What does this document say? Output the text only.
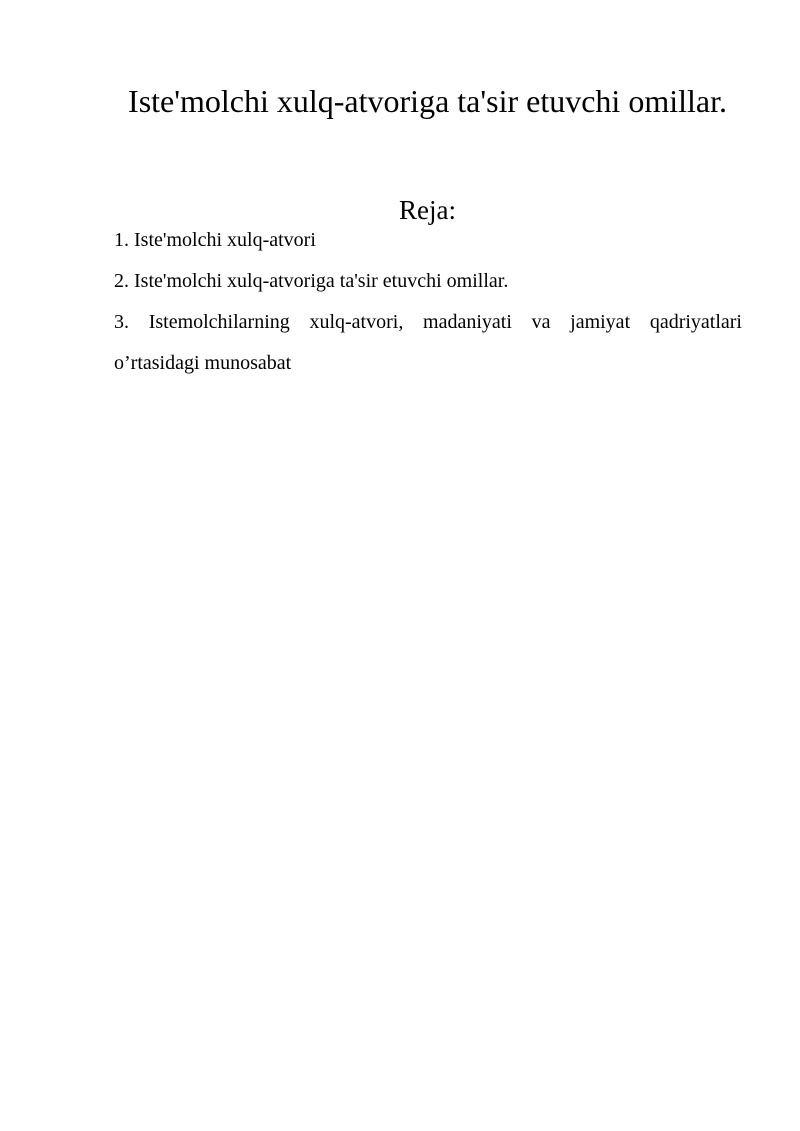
Iste'molchi xulq-atvoriga ta'sir etuvchi omillar.
Reja:
1. Iste'molchi xulq-atvori
2. Iste'molchi xulq-atvoriga ta'sir etuvchi omillar.
3. Istemolchilarning xulq-atvori, madaniyati va jamiyat qadriyatlari o’rtasidagi munosabat
